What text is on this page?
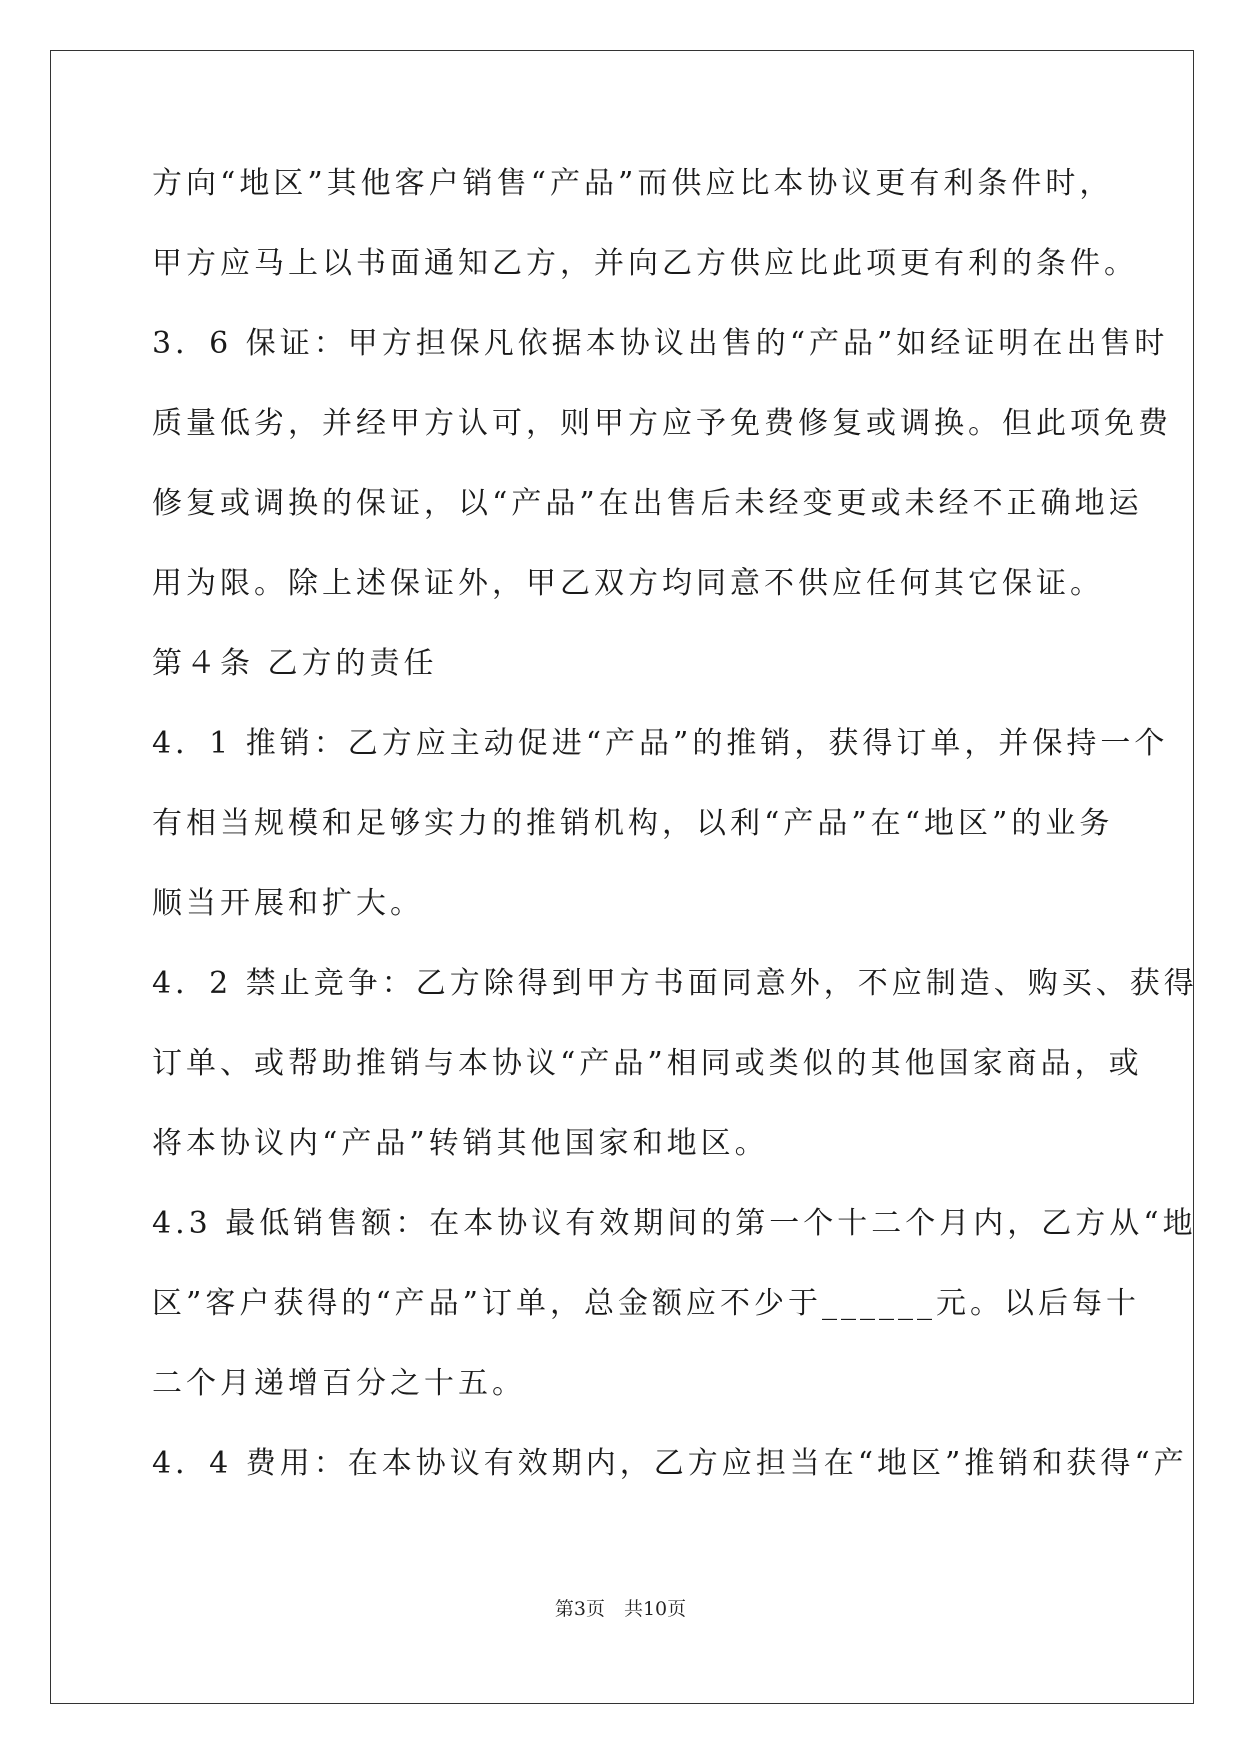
方向“地区”其他客户销售“产品”而供应比本协议更有利条件时，
甲方应马上以书面通知乙方，并向乙方供应比此项更有利的条件。
3．6 保证：甲方担保凡依据本协议出售的“产品”如经证明在出售时
质量低劣，并经甲方认可，则甲方应予免费修复或调换。但此项免费
修复或调换的保证，以“产品”在出售后未经变更或未经不正确地运
用为限。除上述保证外，甲乙双方均同意不供应任何其它保证。
第４条 乙方的责任
4．1 推销：乙方应主动促进“产品”的推销，获得订单，并保持一个
有相当规模和足够实力的推销机构，以利“产品”在“地区”的业务
顺当开展和扩大。
4．2 禁止竞争：乙方除得到甲方书面同意外，不应制造、购买、获得
订单、或帮助推销与本协议“产品”相同或类似的其他国家商品，或
将本协议内“产品”转销其他国家和地区。
4.3 最低销售额：在本协议有效期间的第一个十二个月内，乙方从“地
区”客户获得的“产品”订单，总金额应不少于______元。以后每十
二个月递增百分之十五。
4．4 费用：在本协议有效期内，乙方应担当在“地区”推销和获得“产
第3页　共10页
